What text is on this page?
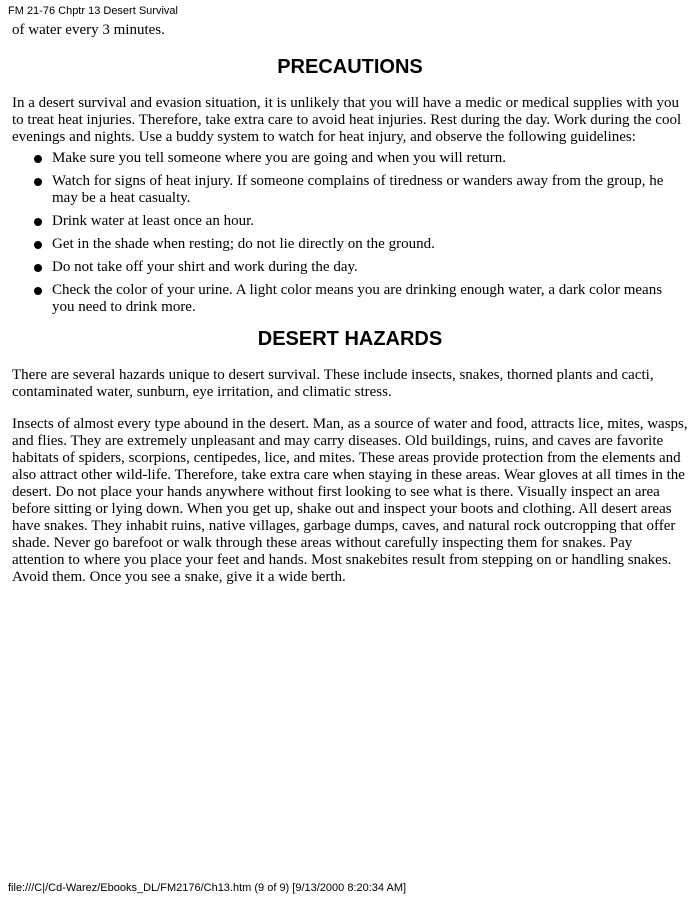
FM 21-76 Chptr 13 Desert Survival

of water every 3 minutes.

PRECAUTIONS

In a desert survival and evasion situation, it is unlikely that you will have a medic or medical supplies with you to treat heat injuries. Therefore, take extra care to avoid heat injuries. Rest during the day. Work during the cool evenings and nights. Use a buddy system to watch for heat injury, and observe the following guidelines:

Make sure you tell someone where you are going and when you will return.
Watch for signs of heat injury. If someone complains of tiredness or wanders away from the group, he may be a heat casualty.
Drink water at least once an hour.
Get in the shade when resting; do not lie directly on the ground.
Do not take off your shirt and work during the day.
Check the color of your urine. A light color means you are drinking enough water, a dark color means you need to drink more.
DESERT HAZARDS

There are several hazards unique to desert survival. These include insects, snakes, thorned plants and cacti, contaminated water, sunburn, eye irritation, and climatic stress.

Insects of almost every type abound in the desert. Man, as a source of water and food, attracts lice, mites, wasps, and flies. They are extremely unpleasant and may carry diseases. Old buildings, ruins, and caves are favorite habitats of spiders, scorpions, centipedes, lice, and mites. These areas provide protection from the elements and also attract other wild-life. Therefore, take extra care when staying in these areas. Wear gloves at all times in the desert. Do not place your hands anywhere without first looking to see what is there. Visually inspect an area before sitting or lying down. When you get up, shake out and inspect your boots and clothing. All desert areas have snakes. They inhabit ruins, native villages, garbage dumps, caves, and natural rock outcropping that offer shade. Never go barefoot or walk through these areas without carefully inspecting them for snakes. Pay attention to where you place your feet and hands. Most snakebites result from stepping on or handling snakes. Avoid them. Once you see a snake, give it a wide berth.

file:///C|/Cd-Warez/Ebooks_DL/FM2176/Ch13.htm (9 of 9) [9/13/2000 8:20:34 AM]
